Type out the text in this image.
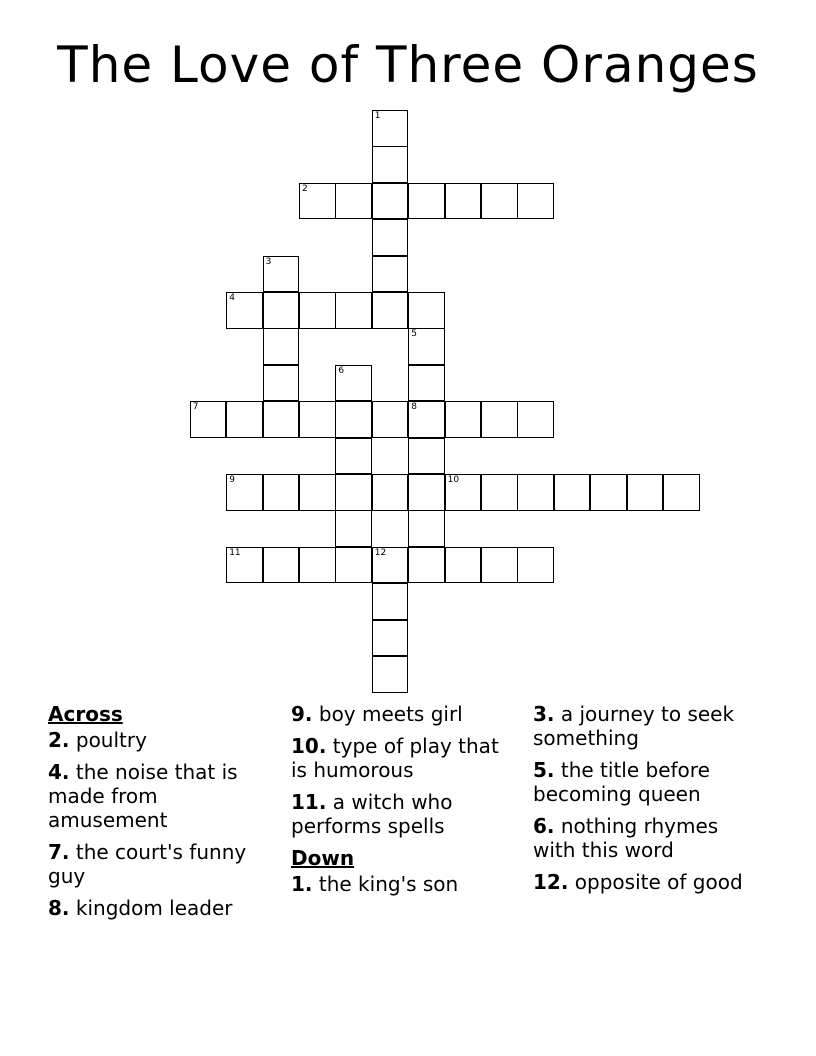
The Love of Three Oranges
1
2
3
4
5
8
6
7
9	10
11	12
Across
2. poultry
4. the noise that is made from amusement
7. the court's funny guy
8. kingdom leader
9. boy meets girl
10. type of play that is humorous
11. a witch who performs spells
Down
1. the king's son
3. a journey to seek something
5. the title before becoming queen
6. nothing rhymes with this word
12. opposite of good
